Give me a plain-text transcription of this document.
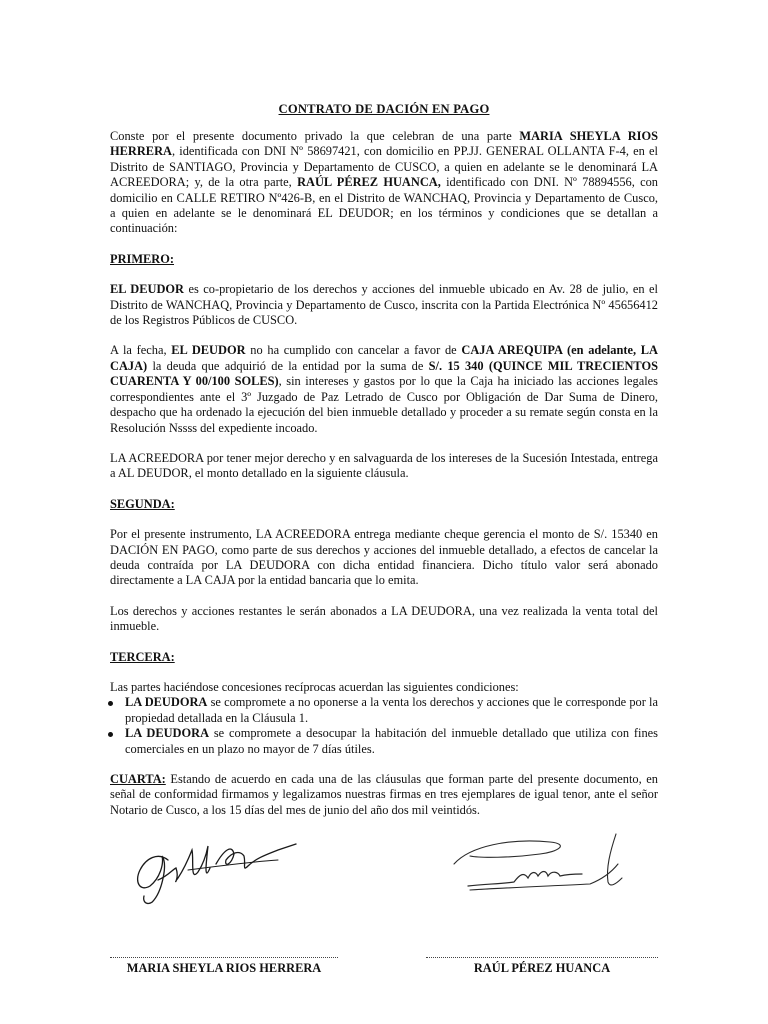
CONTRATO DE DACIÓN EN PAGO

Conste por el presente documento privado la que celebran de una parte MARIA SHEYLA RIOS HERRERA, identificada con DNI Nº 58697421, con domicilio en PP.JJ. GENERAL OLLANTA F-4, en el Distrito de SANTIAGO, Provincia y Departamento de CUSCO, a quien en adelante se le denominará LA ACREEDORA; y, de la otra parte, RAÚL PÉREZ HUANCA, identificado con DNI. Nº 78894556, con domicilio en CALLE RETIRO Nº426-B, en el Distrito de WANCHAQ, Provincia y Departamento de Cusco, a quien en adelante se le denominará EL DEUDOR; en los términos y condiciones que se detallan a continuación:

PRIMERO:

EL DEUDOR es co-propietario de los derechos y acciones del inmueble ubicado en Av. 28 de julio, en el Distrito de WANCHAQ, Provincia y Departamento de Cusco, inscrita con la Partida Electrónica Nº 45656412 de los Registros Públicos de CUSCO.

A la fecha, EL DEUDOR no ha cumplido con cancelar a favor de CAJA AREQUIPA (en adelante, LA CAJA) la deuda que adquirió de la entidad por la suma de S/. 15 340 (QUINCE MIL TRECIENTOS CUARENTA Y 00/100 SOLES), sin intereses y gastos por lo que la Caja ha iniciado las acciones legales correspondientes ante el 3º Juzgado de Paz Letrado de Cusco por Obligación de Dar Suma de Dinero, despacho que ha ordenado la ejecución del bien inmueble detallado y proceder a su remate según consta en la Resolución Nssss del expediente incoado.

LA ACREEDORA por tener mejor derecho y en salvaguarda de los intereses de la Sucesión Intestada, entrega a AL DEUDOR, el monto detallado en la siguiente cláusula.

SEGUNDA:

Por el presente instrumento, LA ACREEDORA entrega mediante cheque gerencia el monto de S/. 15340 en DACIÓN EN PAGO, como parte de sus derechos y acciones del inmueble detallado, a efectos de cancelar la deuda contraída por LA DEUDORA con dicha entidad financiera. Dicho título valor será abonado directamente a LA CAJA por la entidad bancaria que lo emita.

Los derechos y acciones restantes le serán abonados a LA DEUDORA, una vez realizada la venta total del inmueble.

TERCERA:

Las partes haciéndose concesiones recíprocas acuerdan las siguientes condiciones:

LA DEUDORA se compromete a no oponerse a la venta los derechos y acciones que le corresponde por la propiedad detallada en la Cláusula 1.

LA DEUDORA se compromete a desocupar la habitación del inmueble detallado que utiliza con fines comerciales en un plazo no mayor de 7 días útiles.

CUARTA: Estando de acuerdo en cada una de las cláusulas que forman parte del presente documento, en señal de conformidad firmamos y legalizamos nuestras firmas en tres ejemplares de igual tenor, ante el señor Notario de Cusco, a los 15 días del mes de junio del año dos mil veintidós.

MARIA SHEYLA RIOS HERRERA	RAÚL PÉREZ HUANCA
